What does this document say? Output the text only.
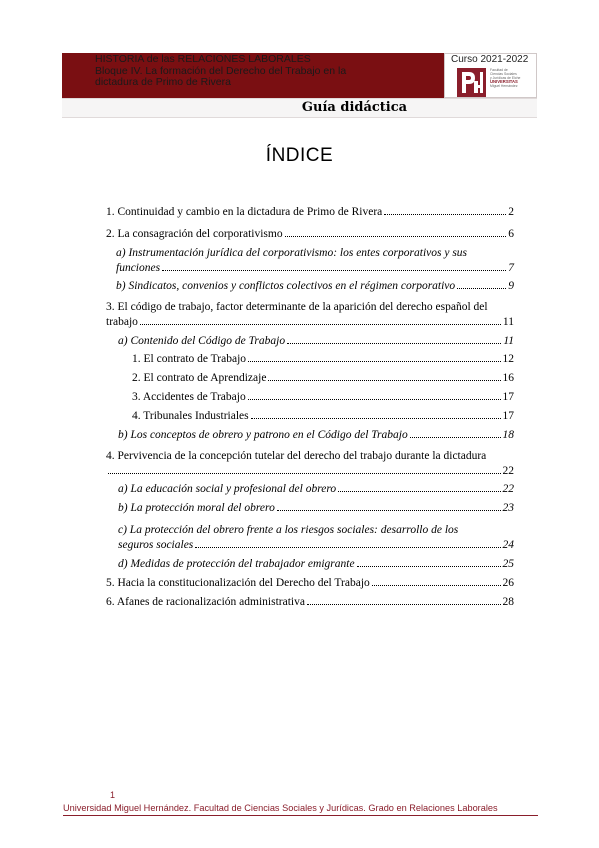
HISTORIA de las RELACIONES LABORALES
Bloque IV. La formación del Derecho del Trabajo en la
dictadura de Primo de Rivera
Curso 2021-2022
Facultad de
Ciencias Sociales
y Jurídicas de Elche
UNIVERSITAS
Miguel Hernández
Guía didáctica
ÍNDICE
1. Continuidad y cambio en la dictadura de Primo de Rivera	2
2. La consagración del corporativismo	6
a) Instrumentación jurídica del corporativismo: los entes corporativos y sus
funciones	7
b) Sindicatos, convenios y conflictos colectivos en el régimen corporativo	9
3. El código de trabajo, factor determinante de la aparición del derecho español del
trabajo	11
a) Contenido del Código de Trabajo	11
1. El contrato de Trabajo	12
2. El contrato de Aprendizaje	16
3. Accidentes de Trabajo	17
4. Tribunales Industriales	17
b) Los conceptos de obrero y patrono en el Código del Trabajo	18
4. Pervivencia de la concepción tutelar del derecho del trabajo durante la dictadura
22
a) La educación social y profesional del obrero	22
b) La protección moral del obrero	23
c) La protección del obrero frente a los riesgos sociales: desarrollo de los
seguros sociales	24
d) Medidas de protección del trabajador emigrante	25
5. Hacia la constitucionalización del Derecho del Trabajo	26
6. Afanes de racionalización administrativa	28
1
Universidad Miguel Hernández. Facultad de Ciencias Sociales y Jurídicas. Grado en Relaciones Laborales
